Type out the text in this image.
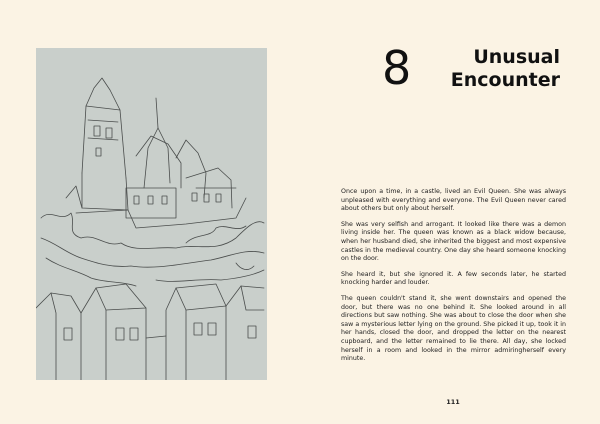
8	Unusual
Encounter

Once upon a time, in a castle, lived an Evil Queen. She was always unpleased with everything and everyone. The Evil Queen never cared about others but only about herself.

She was very selfish and arrogant. It looked like there was a demon living inside her. The queen was known as a black widow because, when her husband died, she inherited the biggest and most expensive castles in the medieval country. One day she heard someone knocking on the door.

She heard it, but she ignored it. A few seconds later, he started knocking harder and louder.

The queen couldn't stand it, she went downstairs and opened the door, but there was no one behind it. She looked around in all directions but saw nothing. She was about to close the door when she saw a mysterious letter lying on the ground. She picked it up, took it in her hands, closed the door, and dropped the letter on the nearest cupboard, and the letter remained to lie there. All day, she locked herself in a room and looked in the mirror admiringherself every minute.

111
